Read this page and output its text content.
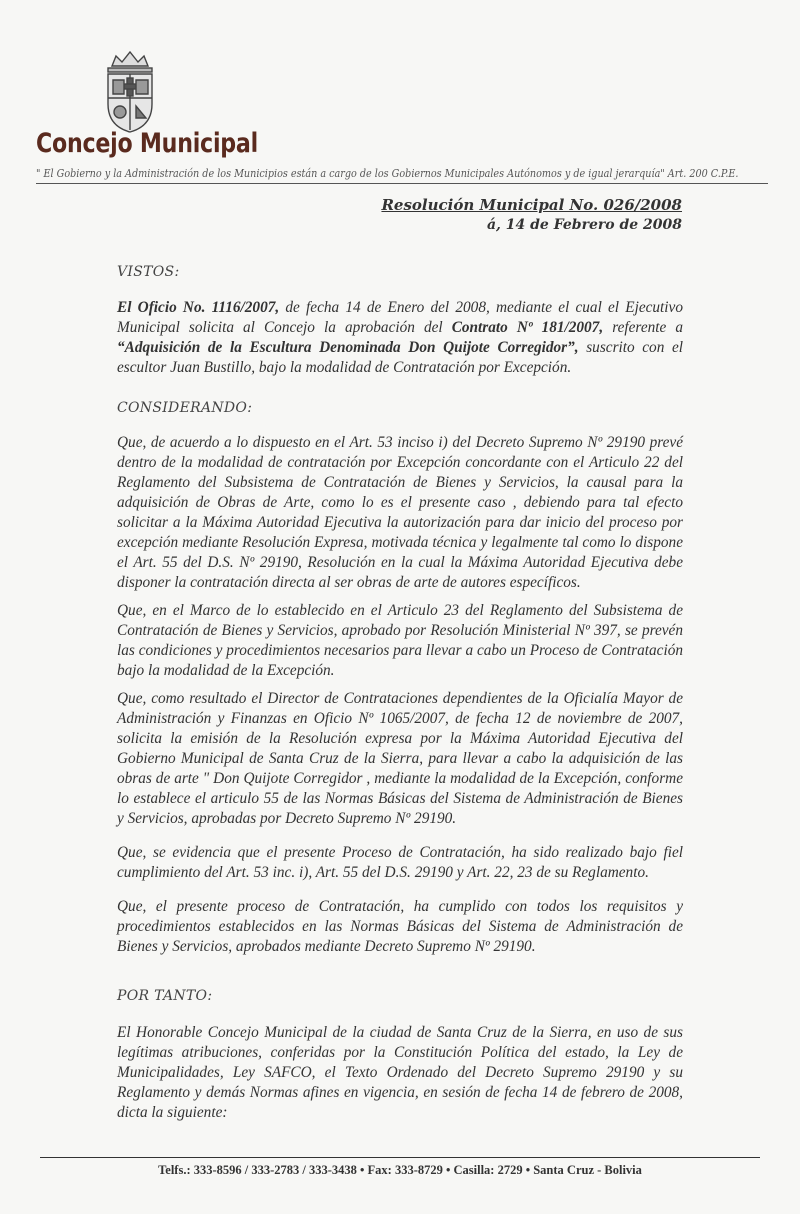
Concejo Municipal
" El Gobierno y la Administración de los Municipios están a cargo de los Gobiernos Municipales Autónomos y de igual jerarquía" Art. 200 C.P.E.
Resolución Municipal No. 026/2008
á, 14 de Febrero de 2008
VISTOS:
El Oficio No. 1116/2007, de fecha 14 de Enero del 2008, mediante el cual el Ejecutivo Municipal solicita al Concejo la aprobación del Contrato Nº 181/2007, referente a “Adquisición de la Escultura Denominada Don Quijote Corregidor”, suscrito con el escultor Juan Bustillo, bajo la modalidad de Contratación por Excepción.
CONSIDERANDO:
Que, de acuerdo a lo dispuesto en el Art. 53 inciso i) del Decreto Supremo Nº 29190 prevé dentro de la modalidad de contratación por Excepción concordante con el Articulo 22 del Reglamento del Subsistema de Contratación de Bienes y Servicios, la causal para la adquisición de Obras de Arte, como lo es el presente caso , debiendo para tal efecto solicitar a la Máxima Autoridad Ejecutiva la autorización para dar inicio del proceso por excepción mediante Resolución Expresa, motivada técnica y legalmente tal como lo dispone el Art. 55 del D.S. Nº 29190, Resolución en la cual la Máxima Autoridad Ejecutiva debe disponer la contratación directa al ser obras de arte de autores específicos.
Que, en el Marco de lo establecido en el Articulo 23 del Reglamento del Subsistema de Contratación de Bienes y Servicios, aprobado por Resolución Ministerial Nº 397, se prevén las condiciones y procedimientos necesarios para llevar a cabo un Proceso de Contratación bajo la modalidad de la Excepción.
Que, como resultado el Director de Contrataciones dependientes de la Oficialía Mayor de Administración y Finanzas en Oficio Nº 1065/2007, de fecha 12 de noviembre de 2007, solicita la emisión de la Resolución expresa por la Máxima Autoridad Ejecutiva del Gobierno Municipal de Santa Cruz de la Sierra, para llevar a cabo la adquisición de las obras de arte " Don Quijote Corregidor , mediante la modalidad de la Excepción, conforme lo establece el articulo 55 de las Normas Básicas del Sistema de Administración de Bienes y Servicios, aprobadas por Decreto Supremo Nº 29190.
Que, se evidencia que el presente Proceso de Contratación, ha sido realizado bajo fiel cumplimiento del Art. 53 inc. i), Art. 55 del D.S. 29190 y Art. 22, 23 de su Reglamento.
Que, el presente proceso de Contratación, ha cumplido con todos los requisitos y procedimientos establecidos en las Normas Básicas del Sistema de Administración de Bienes y Servicios, aprobados mediante Decreto Supremo Nº 29190.
POR TANTO:
El Honorable Concejo Municipal de la ciudad de Santa Cruz de la Sierra, en uso de sus legítimas atribuciones, conferidas por la Constitución Política del estado, la Ley de Municipalidades, Ley SAFCO, el Texto Ordenado del Decreto Supremo 29190 y su Reglamento y demás Normas afines en vigencia, en sesión de fecha 14 de febrero de 2008, dicta la siguiente:
Telfs.: 333-8596 / 333-2783 / 333-3438 • Fax: 333-8729 • Casilla: 2729 • Santa Cruz - Bolivia
